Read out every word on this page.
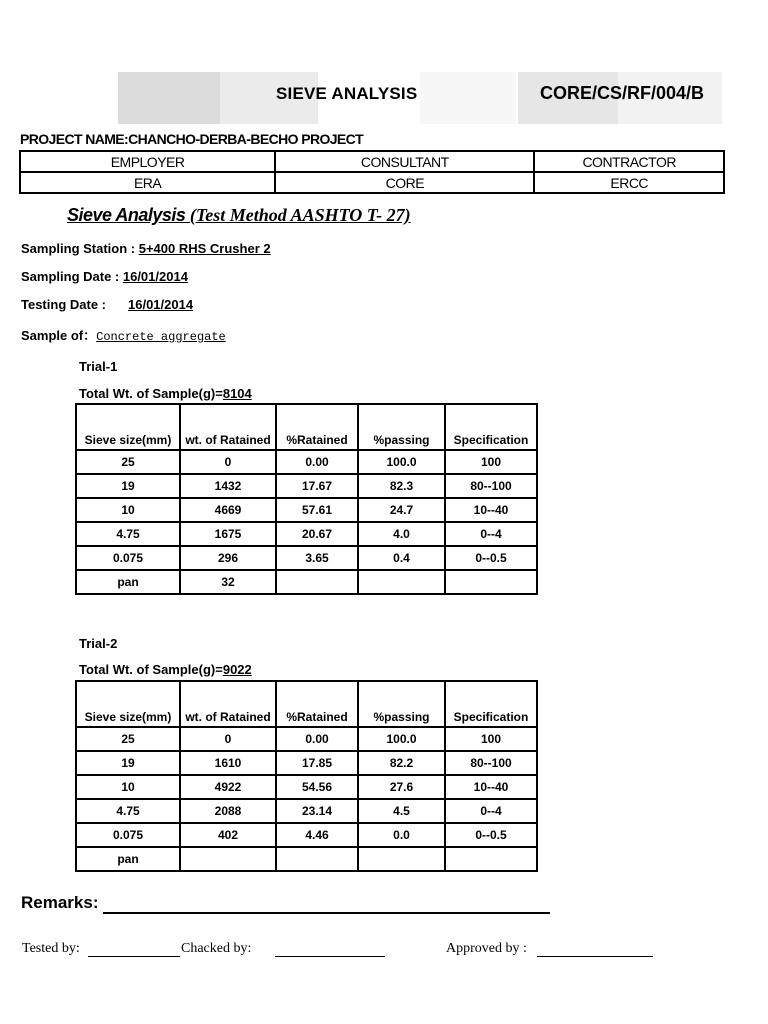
SIEVE ANALYSIS	CORE/CS/RF/004/B
PROJECT NAME:CHANCHO-DERBA-BECHO PROJECT
EMPLOYER	CONSULTANT	CONTRACTOR
ERA	CORE	ERCC
Sieve Analysis (Test Method AASHTO T- 27)
Sampling Station : 5+400 RHS Crusher 2
Sampling Date : 16/01/2014
Testing Date : 16/01/2014
Sample of：Concrete aggregate
Trial-1
Total Wt. of Sample(g)=8104
Sieve size(mm)	wt. of Ratained	%Ratained	%passing	Specification
25	0	0.00	100.0	100
19	1432	17.67	82.3	80--100
10	4669	57.61	24.7	10--40
4.75	1675	20.67	4.0	0--4
0.075	296	3.65	0.4	0--0.5
pan	32			
Trial-2
Total Wt. of Sample(g)=9022
Sieve size(mm)	wt. of Ratained	%Ratained	%passing	Specification
25	0	0.00	100.0	100
19	1610	17.85	82.2	80--100
10	4922	54.56	27.6	10--40
4.75	2088	23.14	4.5	0--4
0.075	402	4.46	0.0	0--0.5
pan				
Remarks:
Tested by:	Chacked by:	Approved by :
